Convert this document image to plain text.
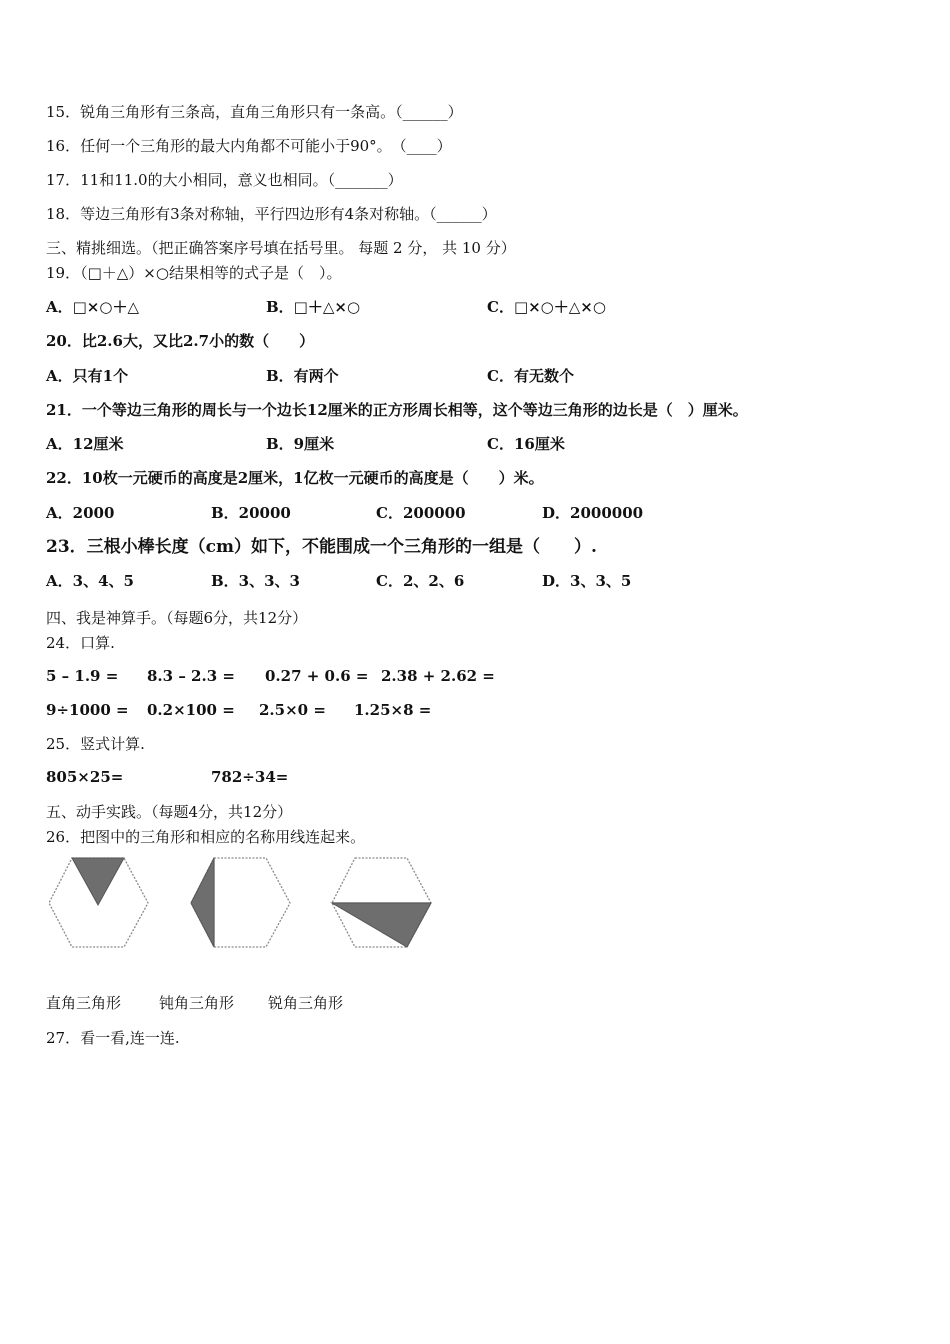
15．锐角三角形有三条高，直角三角形只有一条高。（______）
16．任何一个三角形的最大内角都不可能小于90°。　（____）
17．11和11.0的大小相同，意义也相同。（_______）
18．等边三角形有3条对称轴，平行四边形有4条对称轴。（______）
三、精挑细选。（把正确答案序号填在括号里。 每题 2 分， 共 10 分）
19．（□＋△）×○结果相等的式子是（　）。
A．□×○＋△	B．□＋△×○	C．□×○＋△×○
20．比2.6大，又比2.7小的数（　　）
A．只有1个	B．有两个	C．有无数个
21．一个等边三角形的周长与一个边长12厘米的正方形周长相等，这个等边三角形的边长是（　）厘米。
A．12厘米	B．9厘米	C．16厘米
22．10枚一元硬币的高度是2厘米，1亿枚一元硬币的高度是（　　）米。
A．2000	B．20000	C．200000	D．2000000
23．三根小棒长度（cm）如下，不能围成一个三角形的一组是（　　）.
A．3、4、5	B．3、3、3	C．2、2、6	D．3、3、5
四、我是神算手。（每题6分，共12分）
24．口算.
5 – 1.9 = 8.3 – 2.3 = 0.27 + 0.6 = 2.38 + 2.62 =
9÷1000 = 0.2×100 = 2.5×0 = 1.25×8 =
25．竖式计算.
805×25=	782÷34=
五、动手实践。（每题4分，共12分）
26．把图中的三角形和相应的名称用线连起来。
直角三角形	钝角三角形 锐角三角形
27．看一看,连一连.
